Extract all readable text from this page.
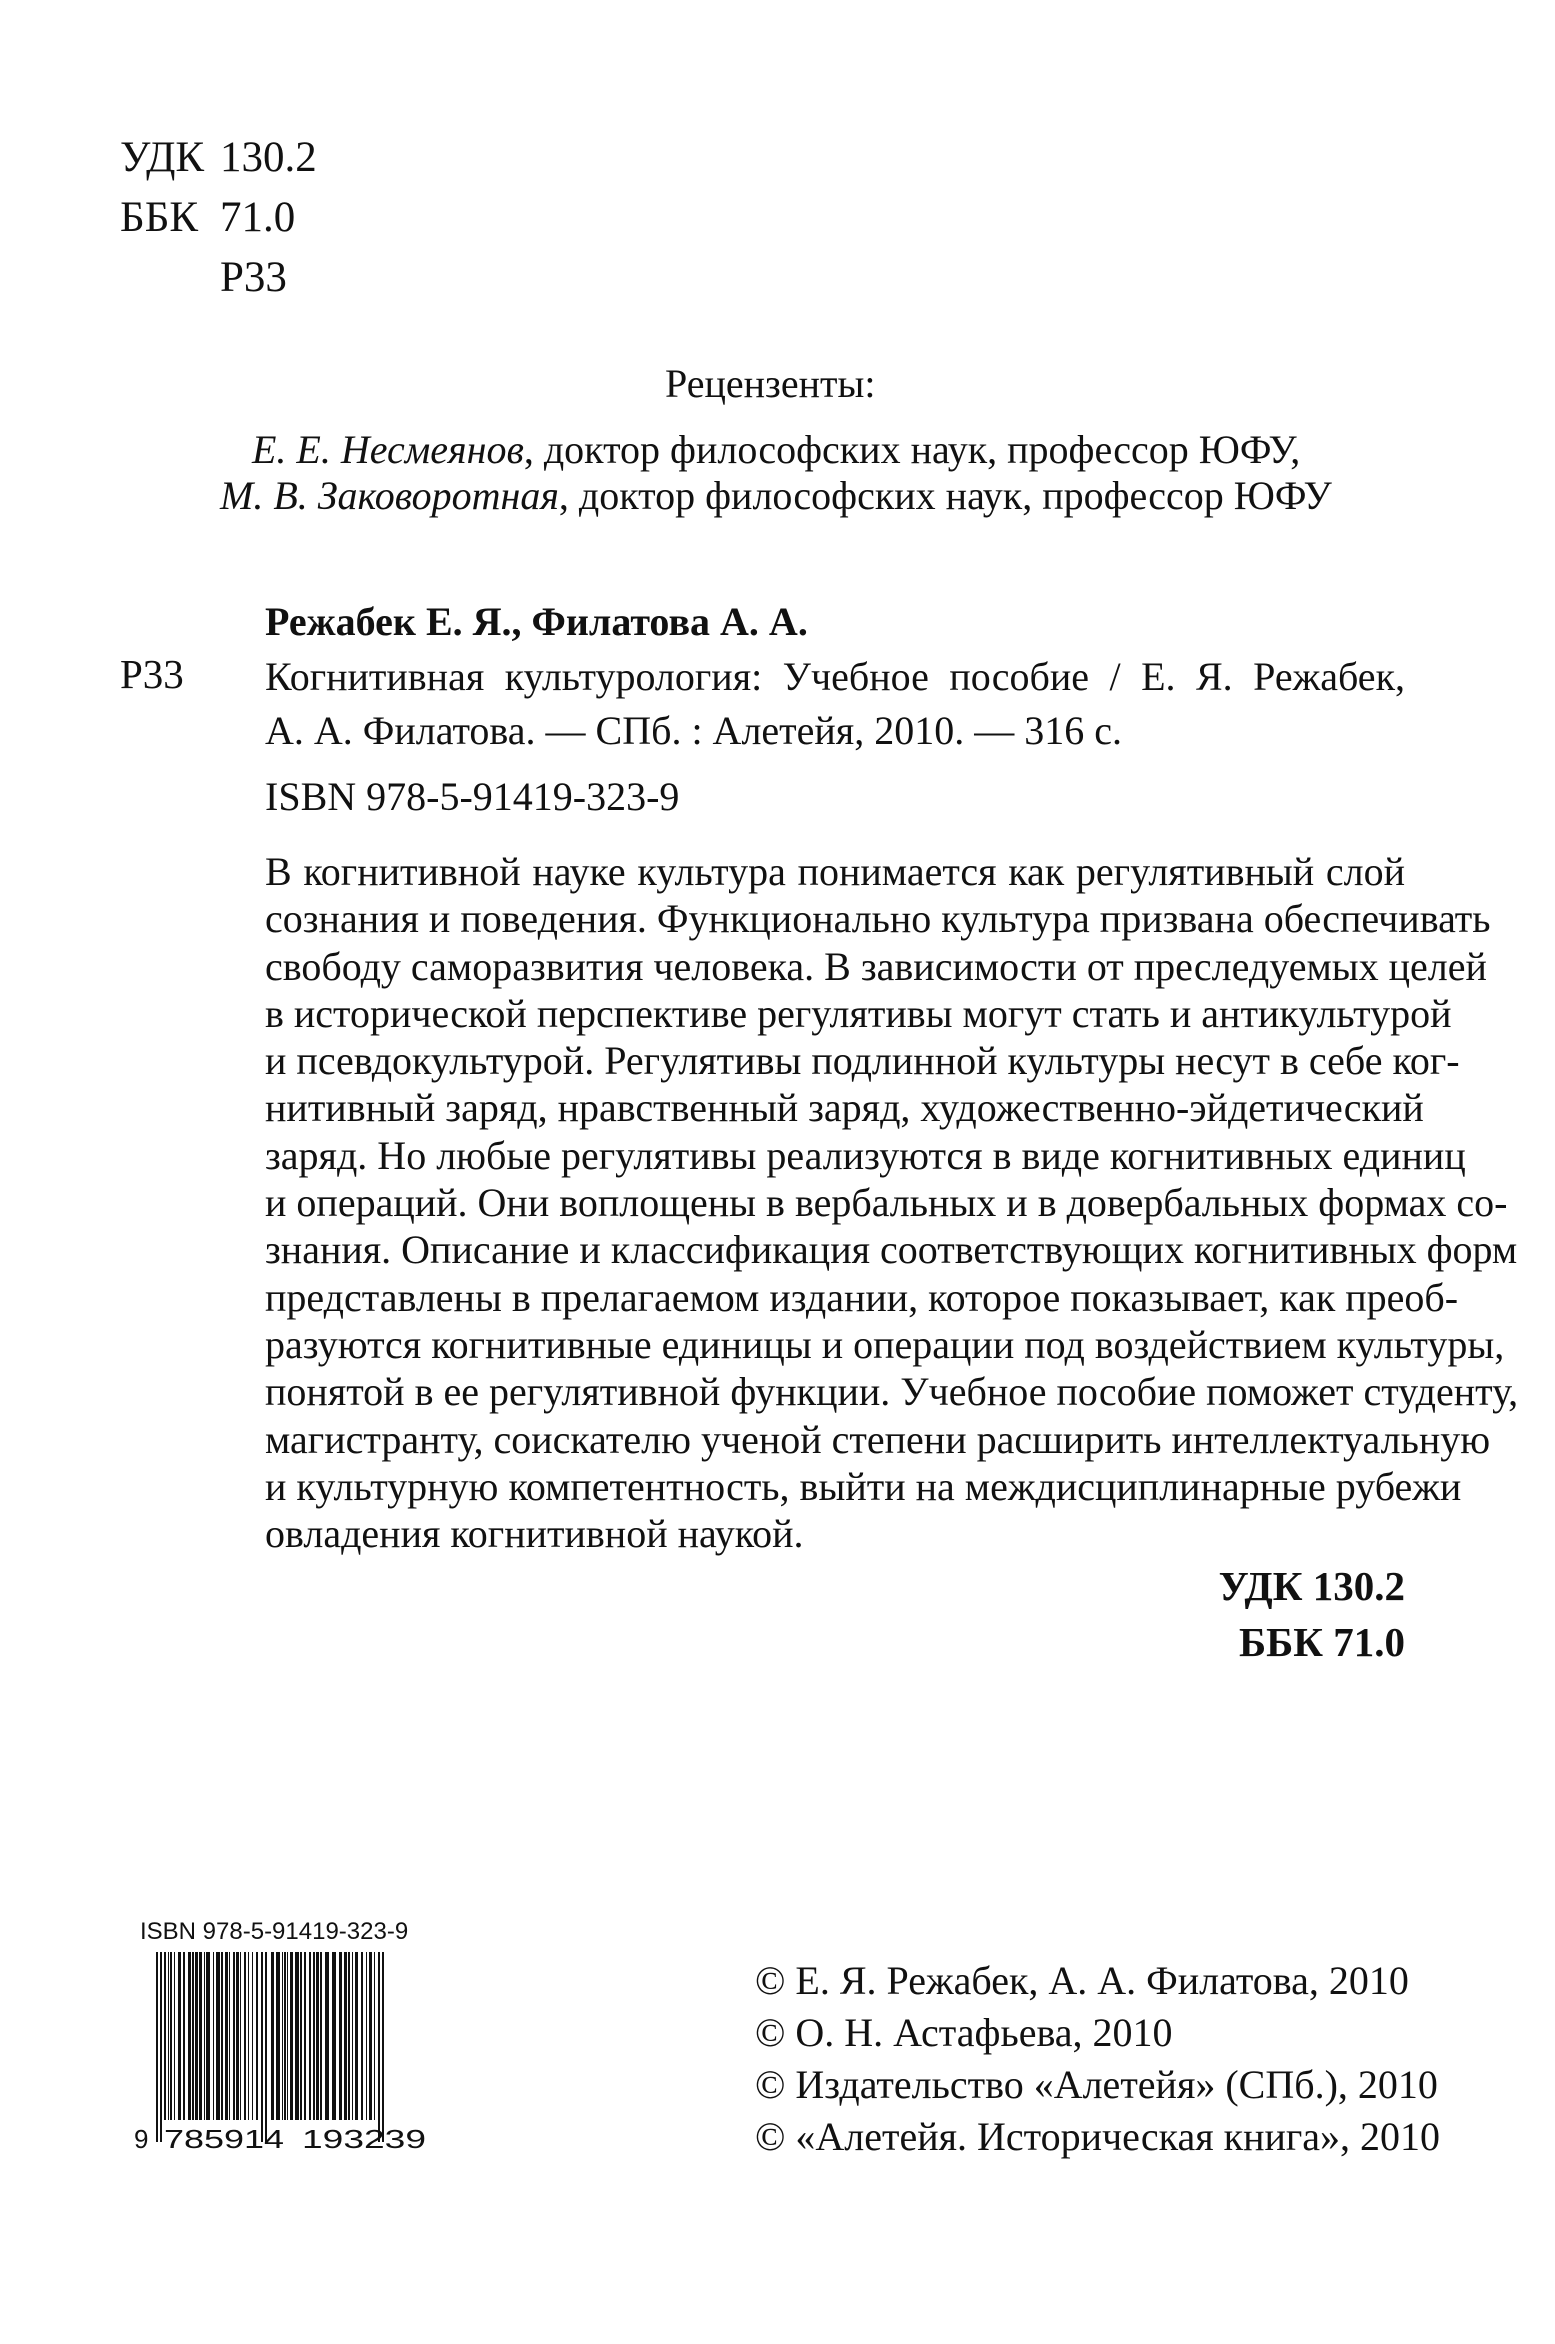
УДК 130.2
ББК 71.0
Р33
Рецензенты:
Е. Е. Несмеянов, доктор философских наук, профессор ЮФУ,
М. В. Заковоротная, доктор философских наук, профессор ЮФУ
Режабек Е. Я., Филатова А. А.
Р33 Когнитивная культурология: Учебное пособие / Е. Я. Режабек,
А. А. Филатова. — СПб. : Алетейя, 2010. — 316 с.
ISBN 978-5-91419-323-9
В когнитивной науке культура понимается как регулятивный слой
сознания и поведения. Функционально культура призвана обеспечивать
свободу саморазвития человека. В зависимости от преследуемых целей
в исторической перспективе регулятивы могут стать и антикультурой
и псевдокультурой. Регулятивы подлинной культуры несут в себе ког-
нитивный заряд, нравственный заряд, художественно-эйдетический
заряд. Но любые регулятивы реализуются в виде когнитивных единиц
и операций. Они воплощены в вербальных и в довербальных формах со-
знания. Описание и классификация соответствующих когнитивных форм
представлены в прелагаемом издании, которое показывает, как преоб-
разуются когнитивные единицы и операции под воздействием культуры,
понятой в ее регулятивной функции. Учебное пособие поможет студенту,
магистранту, соискателю ученой степени расширить интеллектуальную
и культурную компетентность, выйти на междисциплинарные рубежи
овладения когнитивной наукой.
УДК 130.2
ББК 71.0
ISBN 978-5-91419-323-9
9 785914 193239
© Е. Я. Режабек, А. А. Филатова, 2010
© О. Н. Астафьева, 2010
© Издательство «Алетейя» (СПб.), 2010
© «Алетейя. Историческая книга», 2010
